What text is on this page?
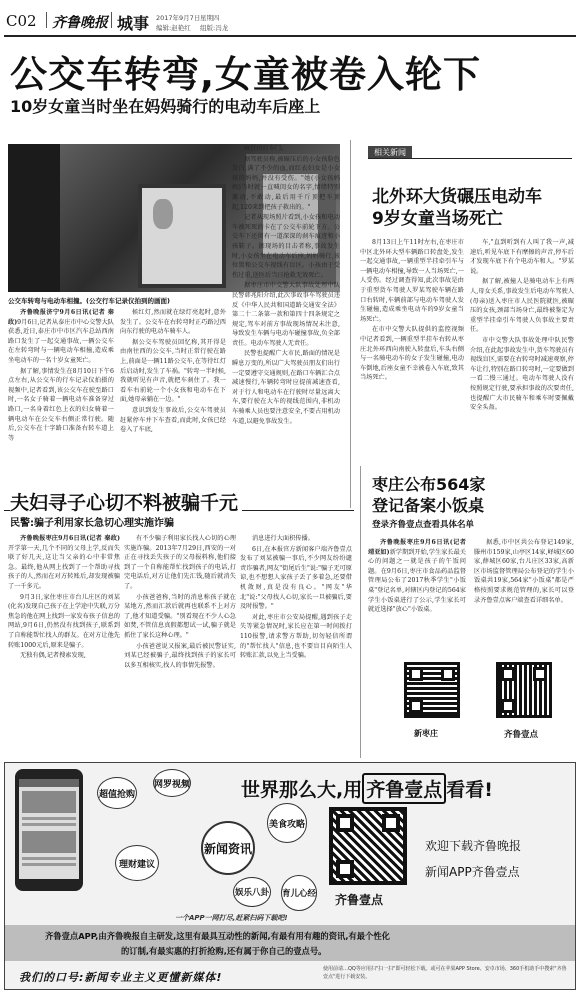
C02 齐鲁晚报 城事 2017年9月7日 星期四
编辑:赵艳红 组版:冯龙
公交车转弯,女童被卷入轮下
10岁女童当时坐在妈妈骑行的电动车后座上
公交车转弯与电动车相撞。(公交行车记录仪拍到的画面)

齐鲁晚报济宁9月6日讯(记者 秦政)9月6日,记者从泰庄市中心交警大队获悉,近日,泰庄市中市区汽车总站西南路口发生了一起交通事故,一辆公交车在左转弯时与一辆电动车相撞,造成乘坐电动车的一名十岁女童死亡。

据了解,事情发生在8月10日下午6点左右,从公交车的行车记录仪拍摄的视频中,记者看到,该公交车在驶至路口时,一名女子骑着一辆电动车准备穿过路口,一名身着红色上衣的妇女骑着一辆电动车在公交车右侧正常行驶。随后,公交车在十字路口准备右转车道上等

候红灯,然而就在绿灯亮起时,意外发生了。公交车在右转弯时正巧路过西向东行驶的电动车骑车人。

据公交车驾驶员回忆称,其开得是由南往西的公交车,当时正常行驶在路上,前面是一辆11路公交车,在等待红灯后启动时,发生了车祸。"转弯一半时候,我就听见有声音,就把车刹住了。我一看车右前轮一个小女孩和电动车在下面,她母亲躺在一边。"

意识到发生事故后,公交车驾驶员赶紧停车并下车查看,而此时,女孩已经卷入了车底,

疯狂拍打车门。

据驾驶员称,被碾压后的小女孩脸色发白,满了不少的血,而红衣妇女是小女孩的妈妈,并没有受伤。"她(小女孩妈妈)当时就一直喊闺女的名字,情绪特别激动,不敢动,最后用千斤顶把车顶起,120来到把孩子救出的。"

记者从现场照片看到,小女孩和电动车被死死的卡在了公交车前轮下方。公交车下还留有一道深深的刹车痕迹和小孩鞋子。据现场的目击者称,事故发生时,小女孩坐在电动车后座,妈妈骑行,该位置和公交车视线有盲区。小孩由于受伤过重,送医后当日抢救无效死亡。

据枣庄市中交警大队事故处理中队民警韩兆阳介绍,此次事故事车驾驶员违反《中华人民共和国道路交通安全法》第二十二条第一款和第四十四条规定之规定,驾车对前方事故现场情况未注意,导致发生车辆与电动车碰撞事故,负全部责任。电动车驾驶人无责任。

民警也提醒广大市民,路面的情况是瞬息万变的,所以广大驾驶员朋友们出行一定要遵守交通规则,在路口车辆汇合点减速慢行,车辆转弯时应提前减速查看,对于行人和电动车在行驶时尽量远离大车,要行驶在大车的视线范围内,非机动车骑乘人员也要注意安全,不要占用机动车道,以避免事故发生。

相关新闻
北外环大货碾压电动车
9岁女童当场死亡

8月13日上午11时左右,在枣庄市中区北外环大型车辆路口转盘处,发生一起交通事故,一辆重型半挂牵引车与一辆电动车相撞,导致一人当场死亡,一人受伤。经过调查得知,此次事故是由于重型货车驾驶人罗某驾驶车辆在路口右转时,车辆前部与电动车驾驶人发生碰撞,造成乘坐电动车的9岁女童当场死亡。

在市中交警大队提供的监控视频中记者看到,一辆重型半挂车右转从枣庄北外环西向南驶入转盘后,车头右侧与一名骑电动车的女子发生碰撞,电动车倒地,后座女童不幸被卷入车底,致其当场死亡。

车,"直到听到有人叫了我一声,减速后,听见车底下有摩擦的声音,停车后才发现车底下有个电动车和人。"罗某说。

据了解,被撞人是骑电动车上有两人,母女关系,事故发生后电动车驾驶人(母亲)送入枣庄市人民医院就医,被碾压的女孩,颈部当场身亡,最终被鉴定为重型半挂牵引车驾驶人负事故主要责任。

市中交警大队事故处理中队民警介绍,在此起事故发生中,货车驾驶员有视线盲区,需要在右转弯时减速观察,停车让行,特别在路口转弯时,一定要做到一看二慢三通过。电动车驾驶人没有按照规定行驶,要承担事故的次要责任,也提醒广大市民骑车和乘车时要佩戴安全头盔。

枣庄公布564家
登记备案小饭桌
登录齐鲁壹点查看具体名单

齐鲁晚报枣庄9月6日讯(记者 靖亚如)新学期到开始,学生家长最关心的问题之一就是孩子的午饭问题。在9月6日,枣庄市食品药品监督管理局公布了2017秋季学生"小饭桌"登记名单,对辖区内登记的564家学生小饭桌进行了公示,学生家长可就近选择"放心"小饭桌。

据悉,市中区共公布登记149家,滕州市159家,山亭区14家,峄城区60家,薛城区60家,台儿庄区33家,高新区市场监督管理局公布登记的学生小饭桌共19家,564家"小饭桌"都是严格按照要求规范管理的,家长可以登录齐鲁壹点客户端查看详细名单。

新枣庄	齐鲁壹点
夫妇寻子心切不料被骗千元
民警:骗子利用家长急切心理实施诈骗

齐鲁晚报枣庄9月6日讯(记者 秦政)开学第一天,几个不同的父母上学,反而失联了好几天,这让当父亲的心中非常焦急。最终,他从网上找到了一个帮助寻找孩子的人,然而在对方转账后,却发现被骗了一千多元。

9月3日,家住枣庄市台儿庄区的刘某(化名)发现自己孩子在上学途中失联,万分焦急的他在网上找到一家发布孩子信息的网站,9月6日,仍然没有找到孩子,联系到了自称能帮忙找人的群友。在对方让他先转账1000元后,原来是骗子。

无独有偶,记者搜索发现,

有不少骗子利用家长找人心切的心理实施诈骗。2013年7月29日,西安的一对正在寻找丢失孩子的父母报料称,他们接到了一个自称能帮忙找到孩子的电话,打完电话后,对方让他们先汇钱,随后就消失了。

小孩爸爸称,当时的消息称孩子就在某地方,然而汇款后就再也联系不上对方了,他才知道受骗。"别看现在不少人心急如焚,不管信息真假都想试一试,骗子就是抓住了家长这种心理。"

小孩爸爸说又报案,最后被民警证实,刘某已经被骗子,最终找到孩子的家长可以多互相核实,找人的事情先报警。

消息进行大面积传播。

6日,在本报官方新闻客户端齐鲁壹点发布了刘某被骗一事后,不少网友纷纷谴责诈骗者,网友"街尾后生"说:"骗子无可原谅,也不想想人家孩子丢了多着急,还要借机敛财,真是没有良心。"网友"华北"说:"父母找人心切,家长一旦被骗后,要及时报警。"

对此,枣庄市公安局提醒,遇到孩子走失等紧急情况时,家长应在第一时间拨打110报警,请求警方帮助,切勿轻信所谓的"帮忙找人"信息,也不要盲目向陌生人转账汇款,以免上当受骗。

超值抢购
网罗视频
新闻资讯
美食攻略
理财建议
娱乐八卦 育儿心经
一个APP一网打尽,赶紧扫码下载吧!
世界那么大,用 齐鲁壹点 看看!
齐鲁壹点
欢迎下载齐鲁晚报
新闻APP齐鲁壹点
齐鲁壹点APP,由齐鲁晚报自主研发,这里有最具互动性的新闻,有最有用有趣的资讯,有最个性化
的订制,有最实惠的打折抢购,还有属于你自己的壹点号。
我们的口号:新闻专业主义更懂新媒体!
使用前请…QQ等应用扫"扫一扫"即可轻松下载。或可在苹果APP Store、安卓市场、360手机助手中搜索"齐鲁壹点"进行下载安装。
